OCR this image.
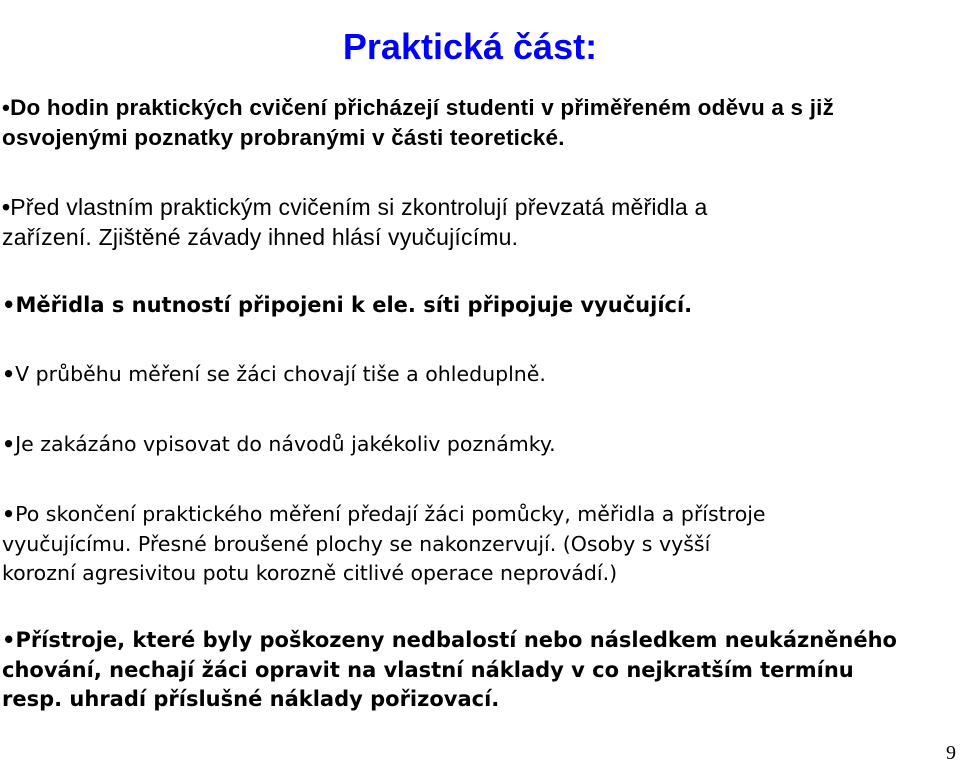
Praktická část:
•Do hodin praktických cvičení přicházejí studenti v přiměřeném oděvu a s již
osvojenými poznatky probranými v části teoretické.
•Před vlastním praktickým cvičením si zkontrolují převzatá měřidla a
zařízení. Zjištěné závady ihned hlásí vyučujícímu.
•Měřidla s nutností připojeni k ele. síti připojuje vyučující.
•V průběhu měření se žáci chovají tiše a ohleduplně.
•Je zakázáno vpisovat do návodů jakékoliv poznámky.
•Po skončení praktického měření předají žáci pomůcky, měřidla a přístroje
vyučujícímu. Přesné broušené plochy se nakonzervují. (Osoby s vyšší
korozní agresivitou potu korozně citlivé operace neprovádí.)
•Přístroje, které byly poškozeny nedbalostí nebo následkem neukázněného
chování, nechají žáci opravit na vlastní náklady v co nejkratším termínu
resp. uhradí příslušné náklady pořizovací.
9
